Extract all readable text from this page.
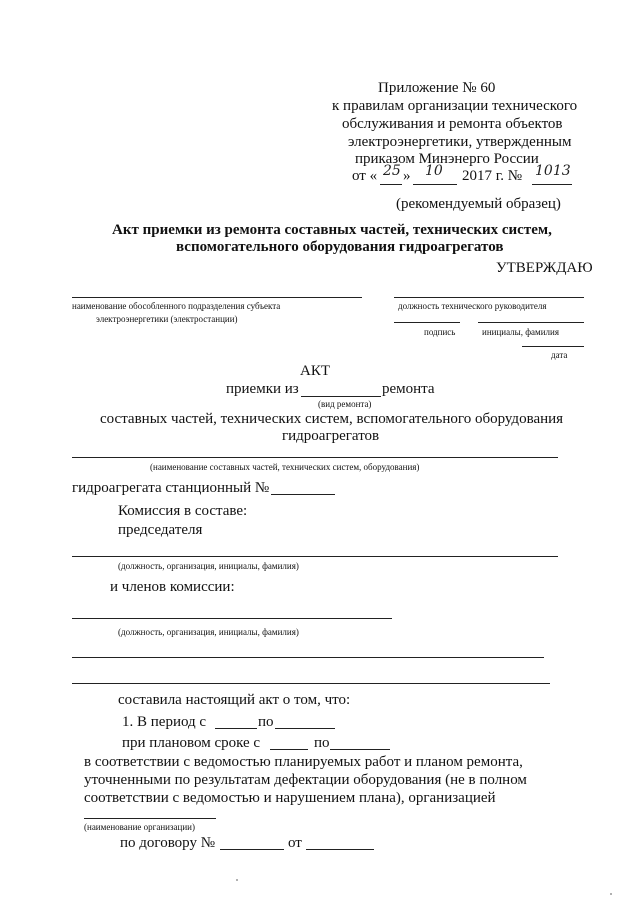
Приложение № 60
к правилам организации технического
обслуживания и ремонта объектов
электроэнергетики, утвержденным
приказом Минэнерго России
от « 25 » 10 2017 г. № 1013
(рекомендуемый образец)
Акт приемки из ремонта составных частей, технических систем,
вспомогательного оборудования гидроагрегатов
УТВЕРЖДАЮ
наименование обособленного подразделения субъекта
электроэнергетики (электростанции)
должность технического руководителя
подпись	инициалы, фамилия
дата
АКТ
приемки из	ремонта
(вид ремонта)
составных частей, технических систем, вспомогательного оборудования
гидроагрегатов
(наименование составных частей, технических систем, оборудования)
гидроагрегата станционный №
Комиссия в составе:
председателя
(должность, организация, инициалы, фамилия)
и членов комиссии:
(должность, организация, инициалы, фамилия)
составила настоящий акт о том, что:
1. В период с	по
при плановом сроке с	по
в соответствии с ведомостью планируемых работ и планом ремонта,
уточненными по результатам дефектации оборудования (не в полном
соответствии с ведомостью и нарушением плана), организацией
(наименование организации)
по договору №	от
